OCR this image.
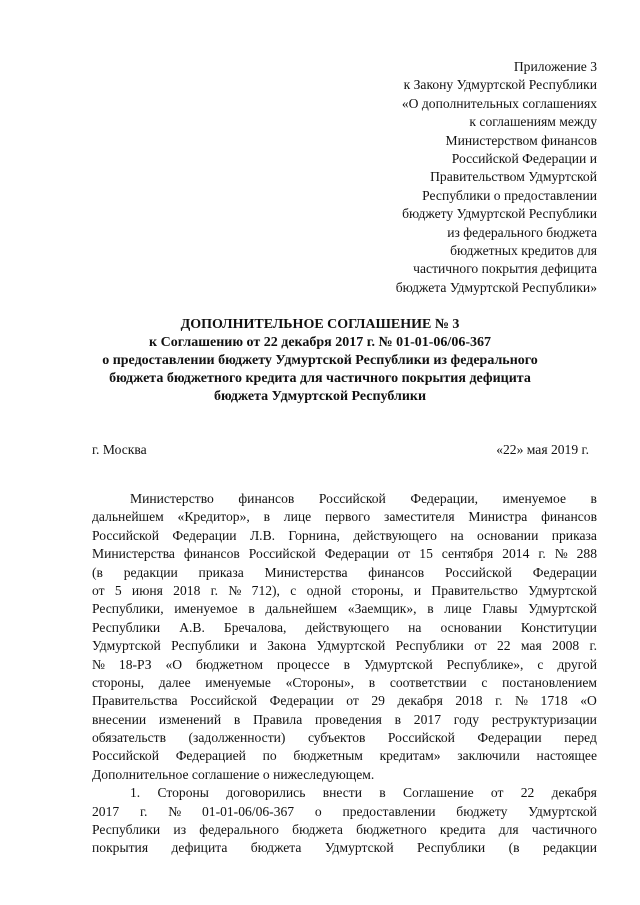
Приложение 3
к Закону Удмуртской Республики
«О дополнительных соглашениях
к соглашениям между
Министерством финансов
Российской Федерации и
Правительством Удмуртской
Республики о предоставлении
бюджету Удмуртской Республики
из федерального бюджета
бюджетных кредитов для
частичного покрытия дефицита
бюджета Удмуртской Республики»
ДОПОЛНИТЕЛЬНОЕ СОГЛАШЕНИЕ № 3
к Соглашению от 22 декабря 2017 г. № 01-01-06/06-367
о предоставлении бюджету Удмуртской Республики из федерального
бюджета бюджетного кредита для частичного покрытия дефицита
бюджета Удмуртской Республики
г. Москва	«22» мая 2019 г.
Министерство финансов Российской Федерации, именуемое в
дальнейшем «Кредитор», в лице первого заместителя Министра финансов
Российской Федерации Л.В. Горнина, действующего на основании приказа
Министерства финансов Российской Федерации от 15 сентября 2014 г. № 288
(в редакции приказа Министерства финансов Российской Федерации
от 5 июня 2018 г. № 712), с одной стороны, и Правительство Удмуртской
Республики, именуемое в дальнейшем «Заемщик», в лице Главы Удмуртской
Республики А.В. Бречалова, действующего на основании Конституции
Удмуртской Республики и Закона Удмуртской Республики от 22 мая 2008 г.
№ 18-РЗ «О бюджетном процессе в Удмуртской Республике», с другой
стороны, далее именуемые «Стороны», в соответствии с постановлением
Правительства Российской Федерации от 29 декабря 2018 г. № 1718 «О
внесении изменений в Правила проведения в 2017 году реструктуризации
обязательств (задолженности) субъектов Российской Федерации перед
Российской Федерацией по бюджетным кредитам» заключили настоящее
Дополнительное соглашение о нижеследующем.
1. Стороны договорились внести в Соглашение от 22 декабря
2017 г. № 01-01-06/06-367 о предоставлении бюджету Удмуртской
Республики из федерального бюджета бюджетного кредита для частичного
покрытия дефицита бюджета Удмуртской Республики (в редакции
